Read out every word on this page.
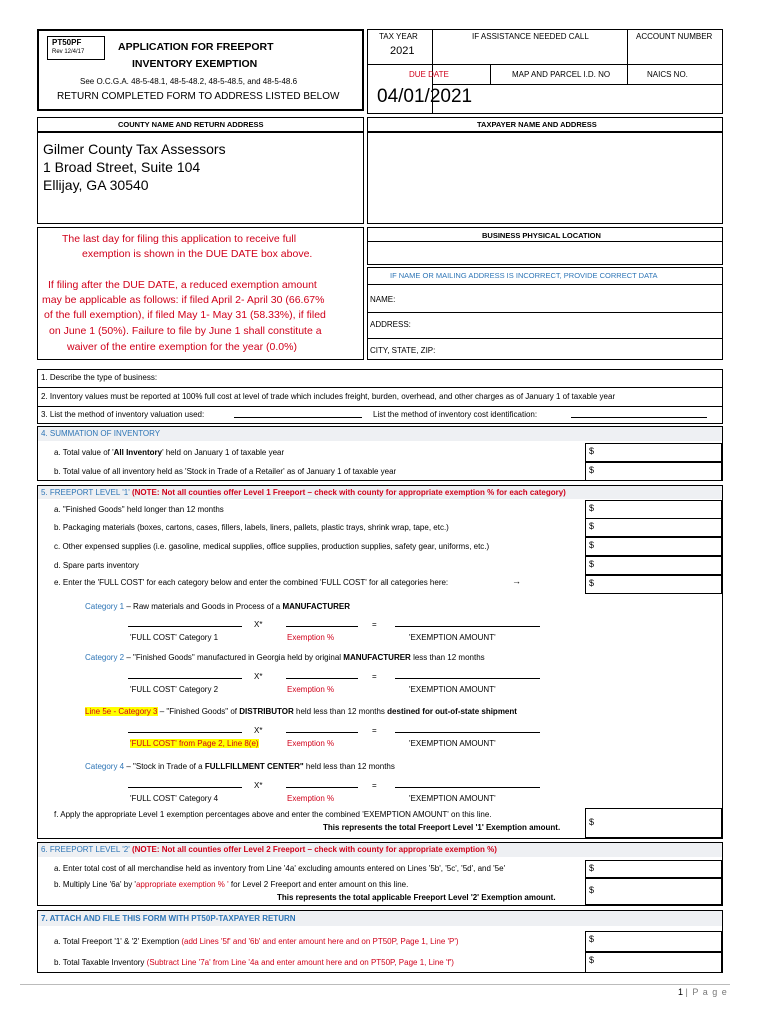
PT50PF
Rev 12/4/17	APPLICATION FOR FREEPORT
INVENTORY EXEMPTION
See O.C.G.A. 48-5-48.1, 48-5-48.2, 48-5-48.5, and 48-5-48.6
RETURN COMPLETED FORM TO ADDRESS LISTED BELOW
TAX YEAR
2021
IF ASSISTANCE NEEDED CALL	ACCOUNT NUMBER
DUE DATE	MAP AND PARCEL I.D. NO	NAICS NO.
04/01/2021
COUNTY NAME AND RETURN ADDRESS
Gilmer County Tax Assessors
1 Broad Street, Suite 104
Ellijay, GA 30540
TAXPAYER NAME AND ADDRESS
The last day for filing this application to receive full
exemption is shown in the DUE DATE box above.
If filing after the DUE DATE, a reduced exemption amount
may be applicable as follows: if filed April 2- April 30 (66.67%
of the full exemption), if filed May 1- May 31 (58.33%), if filed
on June 1 (50%). Failure to file by June 1 shall constitute a
waiver of the entire exemption for the year (0.0%)
BUSINESS PHYSICAL LOCATION
IF NAME OR MAILING ADDRESS IS INCORRECT, PROVIDE CORRECT DATA
NAME:
ADDRESS:
CITY, STATE, ZIP:
1. Describe the type of business:
2. Inventory values must be reported at 100% full cost at level of trade which includes freight, burden, overhead, and other charges as of January 1 of taxable year
3. List the method of inventory valuation used:	List the method of inventory cost identification:
4. SUMMATION OF INVENTORY
a. Total value of 'All Inventory' held on January 1 of taxable year	$
b. Total value of all inventory held as 'Stock in Trade of a Retailer' as of January 1 of taxable year	$
5. FREEPORT LEVEL '1' (NOTE: Not all counties offer Level 1 Freeport – check with county for appropriate exemption % for each category)
a. "Finished Goods" held longer than 12 months	$
b. Packaging materials (boxes, cartons, cases, fillers, labels, liners, pallets, plastic trays, shrink wrap, tape, etc.)	$
c. Other expensed supplies (i.e. gasoline, medical supplies, office supplies, production supplies, safety gear, uniforms, etc.)	$
d. Spare parts inventory	$
e. Enter the 'FULL COST' for each category below and enter the combined 'FULL COST' for all categories here:	→	$
Category 1 – Raw materials and Goods in Process of a MANUFACTURER
X*	=
'FULL COST' Category 1	Exemption %	'EXEMPTION AMOUNT'
Category 2 – "Finished Goods" manufactured in Georgia held by original MANUFACTURER less than 12 months
X*	=
'FULL COST' Category 2	Exemption %	'EXEMPTION AMOUNT'
Line 5e - Category 3 – "Finished Goods" of DISTRIBUTOR held less than 12 months destined for out-of-state shipment
X*	=
'FULL COST' from Page 2, Line 8(e)	Exemption %	'EXEMPTION AMOUNT'
Category 4 – "Stock in Trade of a FULLFILLMENT CENTER" held less than 12 months
X*	=
'FULL COST' Category 4	Exemption %	'EXEMPTION AMOUNT'
f. Apply the appropriate Level 1 exemption percentages above and enter the combined 'EXEMPTION AMOUNT' on this line.
This represents the total Freeport Level '1' Exemption amount.
$
6. FREEPORT LEVEL '2' (NOTE: Not all counties offer Level 2 Freeport – check with county for appropriate exemption %)
a. Enter total cost of all merchandise held as inventory from Line '4a' excluding amounts entered on Lines '5b', '5c', '5d', and '5e'	$
b. Multiply Line '6a' by 'appropriate exemption % ' for Level 2 Freeport and enter amount on this line.
This represents the total applicable Freeport Level '2' Exemption amount.
$
7. ATTACH AND FILE THIS FORM WITH PT50P-TAXPAYER RETURN
a. Total Freeport '1' & '2' Exemption (add Lines '5f' and '6b' and enter amount here and on PT50P, Page 1, Line 'P')	$
b. Total Taxable Inventory (Subtract Line '7a' from Line '4a and enter amount here and on PT50P, Page 1, Line 'f')	$
1 | P a g e
